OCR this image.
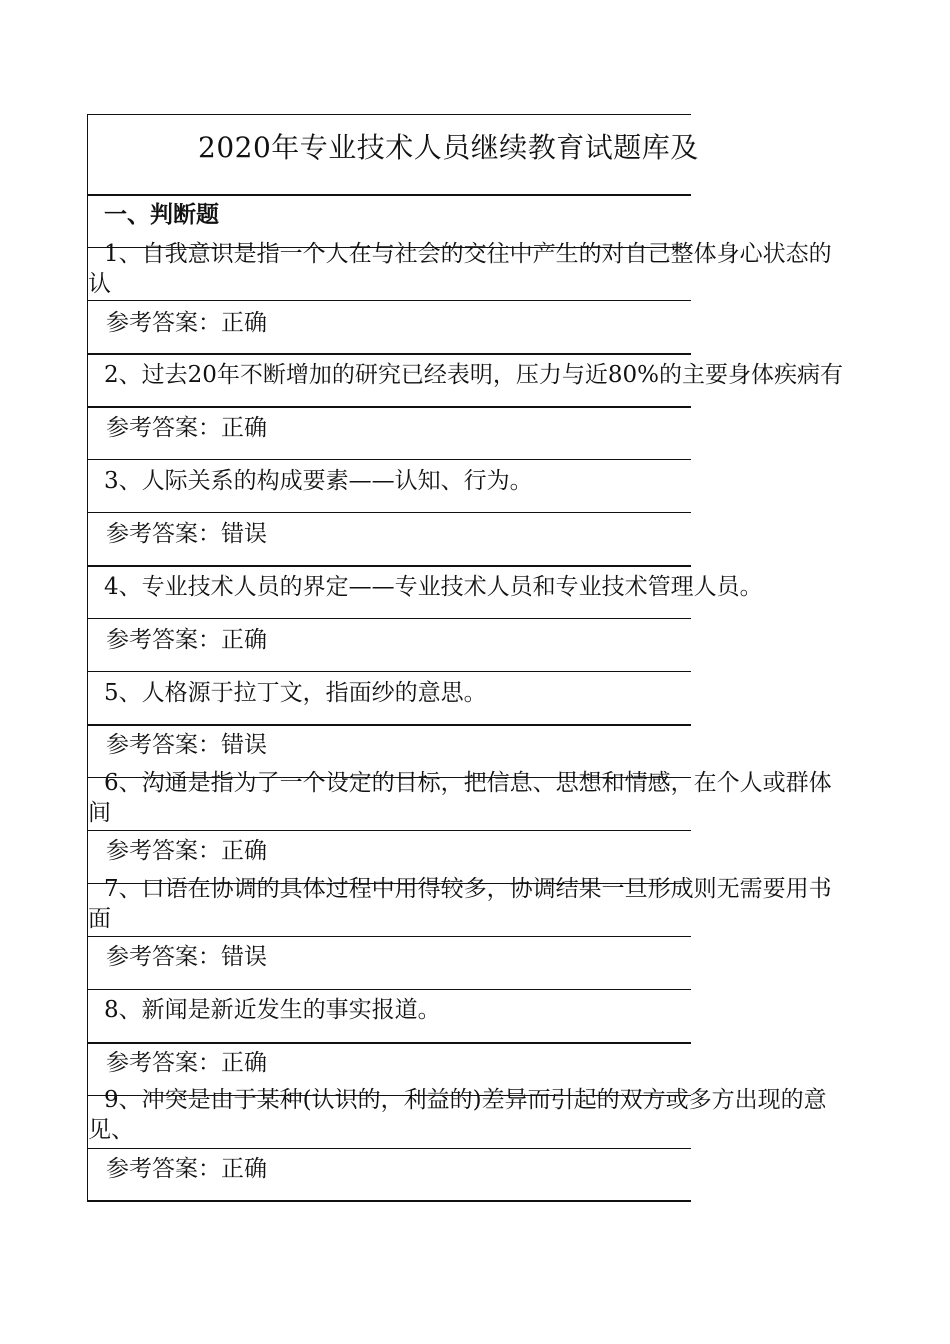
2020年专业技术人员继续教育试题库及
一、判断题
1、自我意识是指一个人在与社会的交往中产生的对自己整体身心状态的
认
参考答案：正确
2、过去20年不断增加的研究已经表明，压力与近80%的主要身体疾病有
参考答案：正确
3、人际关系的构成要素——认知、行为。
参考答案：错误
4、专业技术人员的界定——专业技术人员和专业技术管理人员。
参考答案：正确
5、人格源于拉丁文，指面纱的意思。
参考答案：错误
6、沟通是指为了一个设定的目标，把信息、思想和情感，在个人或群体
间
参考答案：正确
7、口语在协调的具体过程中用得较多，协调结果一旦形成则无需要用书
面
参考答案：错误
8、新闻是新近发生的事实报道。
参考答案：正确
9、冲突是由于某种(认识的，利益的)差异而引起的双方或多方出现的意
见、
参考答案：正确
